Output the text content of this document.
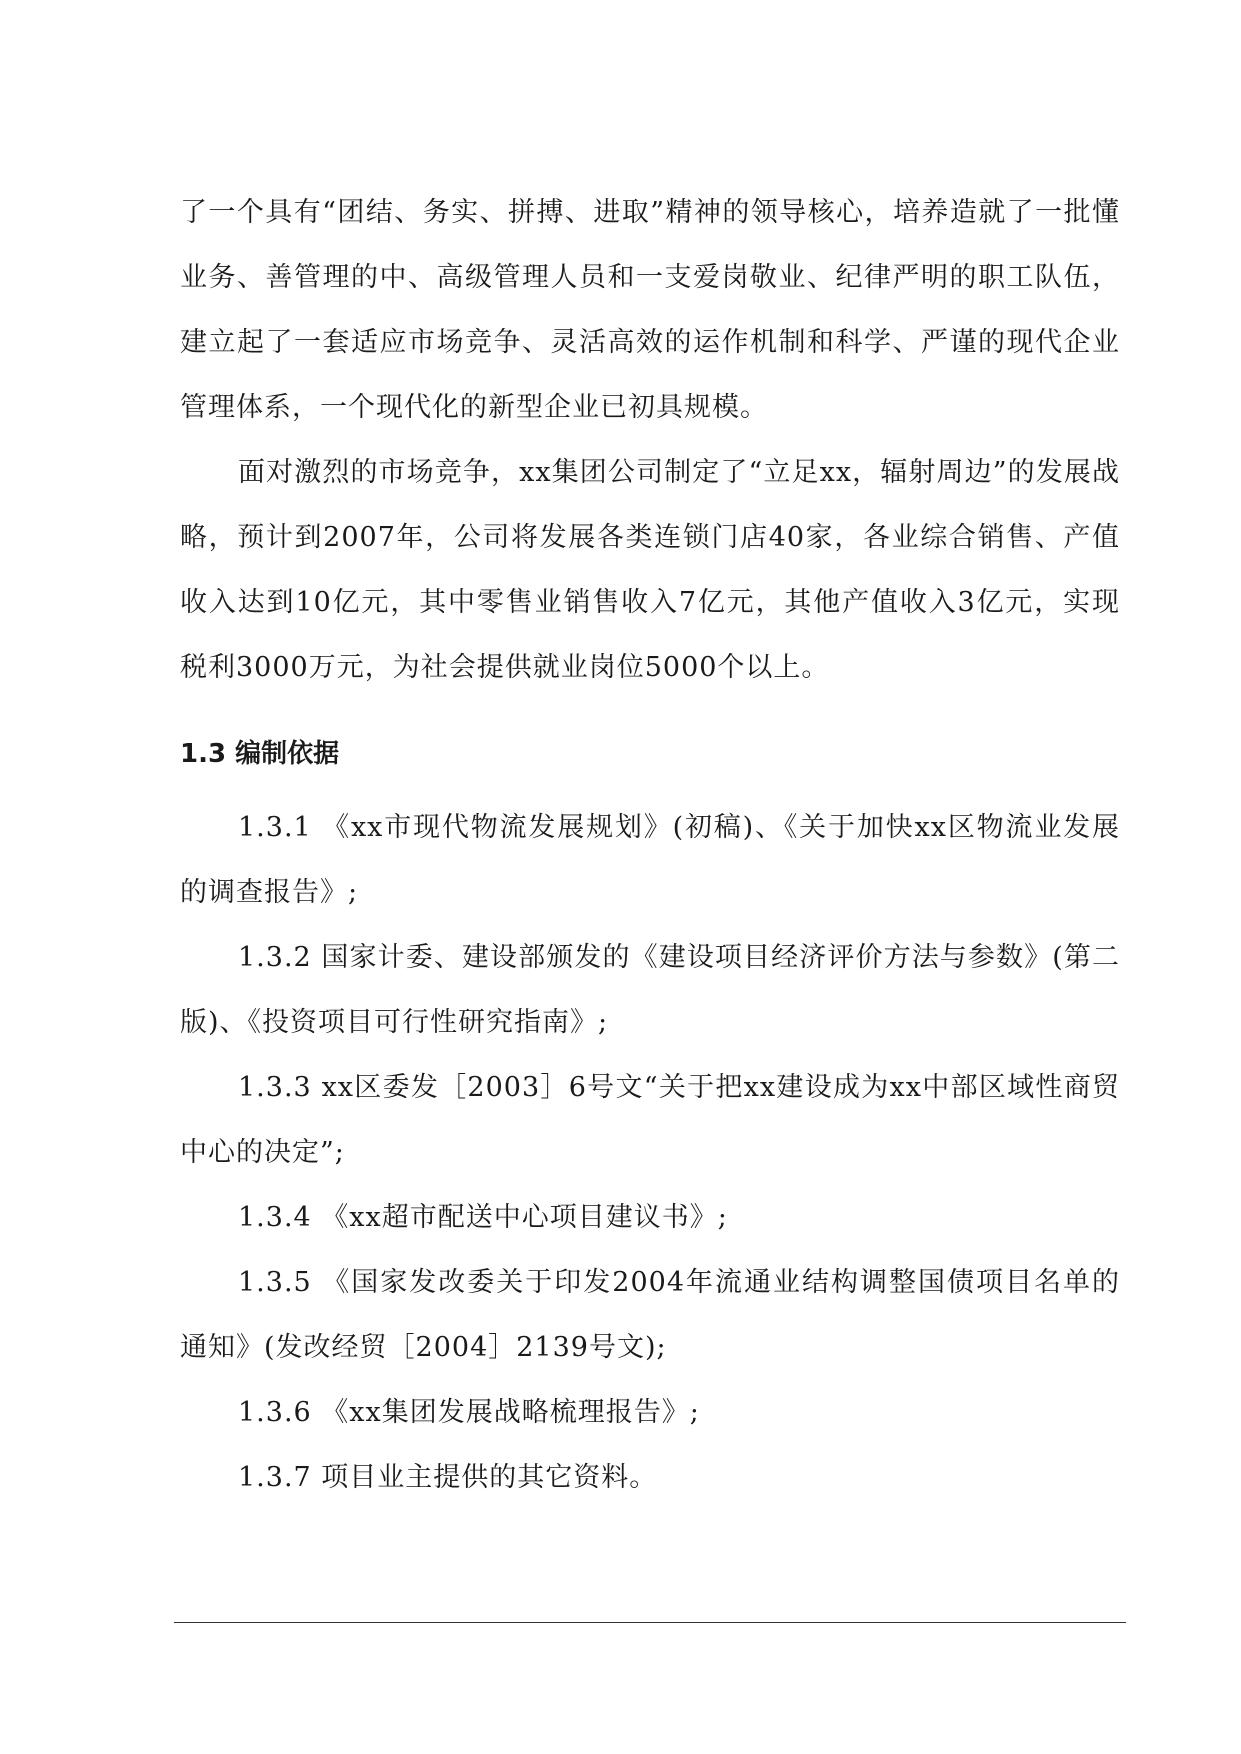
了一个具有“团结、务实、拼搏、进取”精神的领导核心，培养造就了一批懂业务、善管理的中、高级管理人员和一支爱岗敬业、纪律严明的职工队伍，建立起了一套适应市场竞争、灵活高效的运作机制和科学、严谨的现代企业管理体系，一个现代化的新型企业已初具规模。

面对激烈的市场竞争，xx集团公司制定了“立足xx，辐射周边”的发展战略，预计到2007年，公司将发展各类连锁门店40家，各业综合销售、产值收入达到10亿元，其中零售业销售收入7亿元，其他产值收入3亿元，实现税利3000万元，为社会提供就业岗位5000个以上。

1.3 编制依据

1.3.1 《xx市现代物流发展规划》(初稿)、《关于加快xx区物流业发展的调查报告》;

1.3.2 国家计委、建设部颁发的《建设项目经济评价方法与参数》(第二版)、《投资项目可行性研究指南》;

1.3.3 xx区委发［2003］6号文“关于把xx建设成为xx中部区域性商贸中心的决定”;

1.3.4 《xx超市配送中心项目建议书》;

1.3.5 《国家发改委关于印发2004年流通业结构调整国债项目名单的通知》(发改经贸［2004］2139号文);

1.3.6 《xx集团发展战略梳理报告》;

1.3.7 项目业主提供的其它资料。
